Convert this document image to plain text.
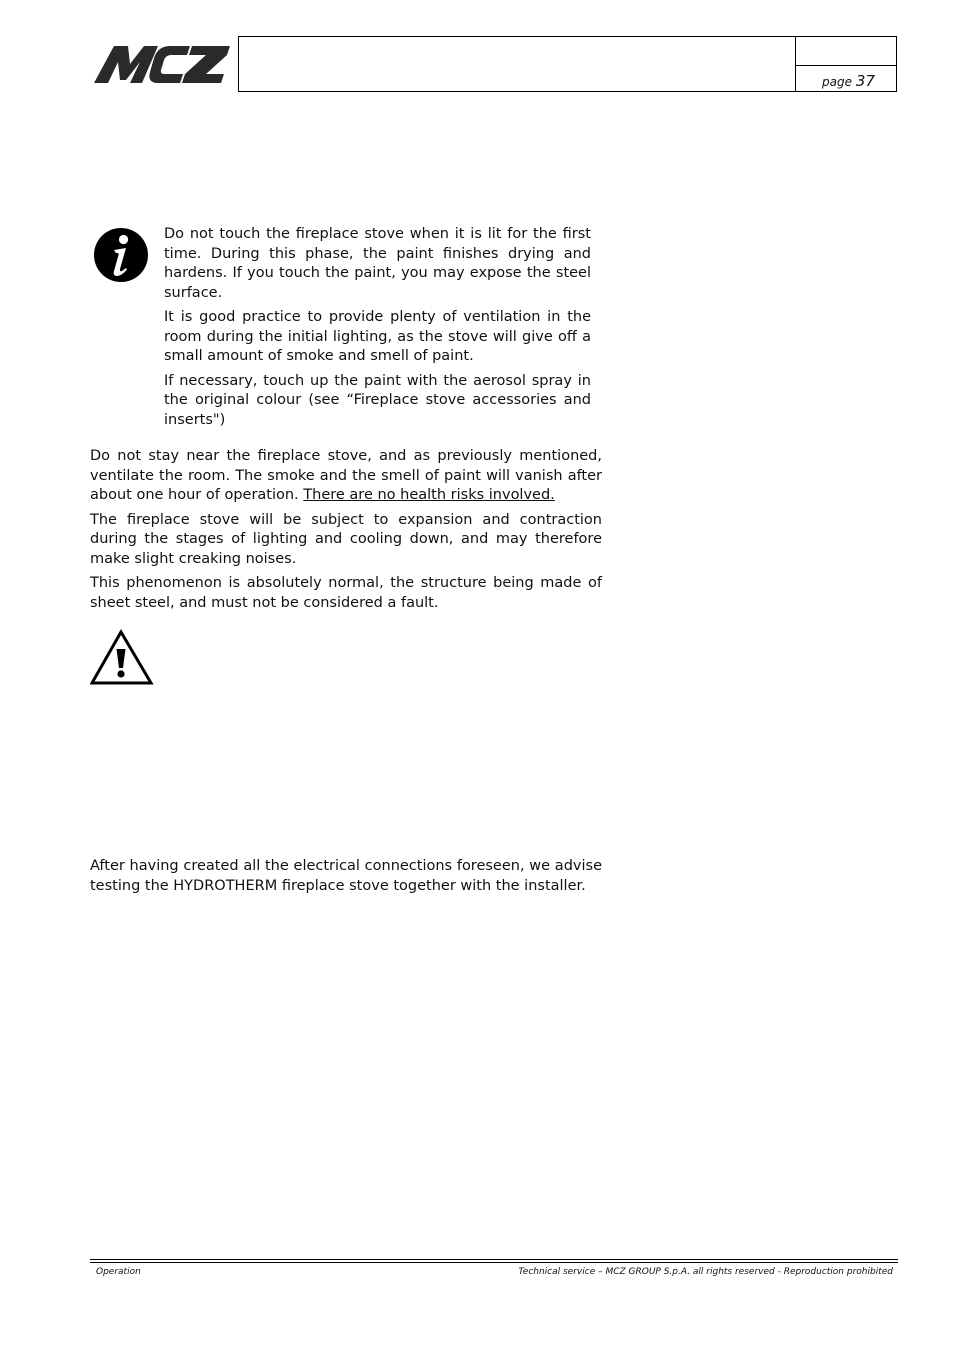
page 37

Do not touch the fireplace stove when it is lit for the first time. During this phase, the paint finishes drying and hardens. If you touch the paint, you may expose the steel surface.

It is good practice to provide plenty of ventilation in the room during the initial lighting, as the stove will give off a small amount of smoke and smell of paint.

If necessary, touch up the paint with the aerosol spray in the original colour (see “Fireplace stove accessories and inserts")

Do not stay near the fireplace stove, and as previously mentioned, ventilate the room. The smoke and the smell of paint will vanish after about one hour of operation. There are no health risks involved.

The fireplace stove will be subject to expansion and contraction during the stages of lighting and cooling down, and may therefore make slight creaking noises.

This phenomenon is absolutely normal, the structure being made of sheet steel, and must not be considered a fault.

After having created all the electrical connections foreseen, we advise testing the HYDROTHERM fireplace stove together with the installer.

Operation	Technical service – MCZ GROUP S.p.A. all rights reserved - Reproduction prohibited
